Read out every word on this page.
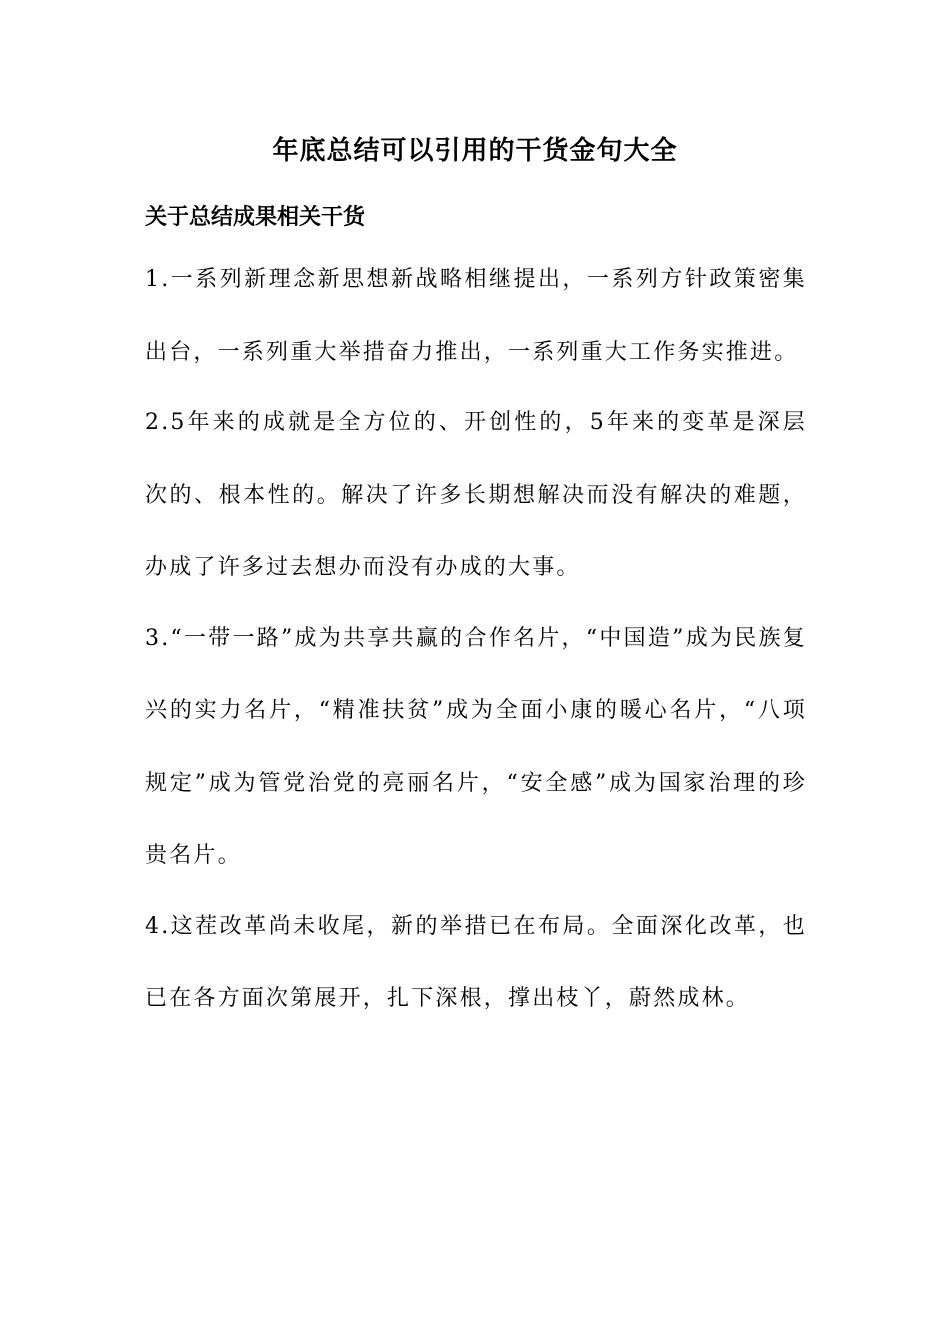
年底总结可以引用的干货金句大全
关于总结成果相关干货

1.一系列新理念新思想新战略相继提出，一系列方针政策密集出台，一系列重大举措奋力推出，一系列重大工作务实推进。

2.5年来的成就是全方位的、开创性的，5年来的变革是深层次的、根本性的。解决了许多长期想解决而没有解决的难题，办成了许多过去想办而没有办成的大事。

3.“一带一路”成为共享共赢的合作名片，“中国造”成为民族复兴的实力名片，“精准扶贫”成为全面小康的暖心名片，“八项规定”成为管党治党的亮丽名片，“安全感”成为国家治理的珍贵名片。

4.这茬改革尚未收尾，新的举措已在布局。全面深化改革，也已在各方面次第展开，扎下深根，撑出枝丫，蔚然成林。
